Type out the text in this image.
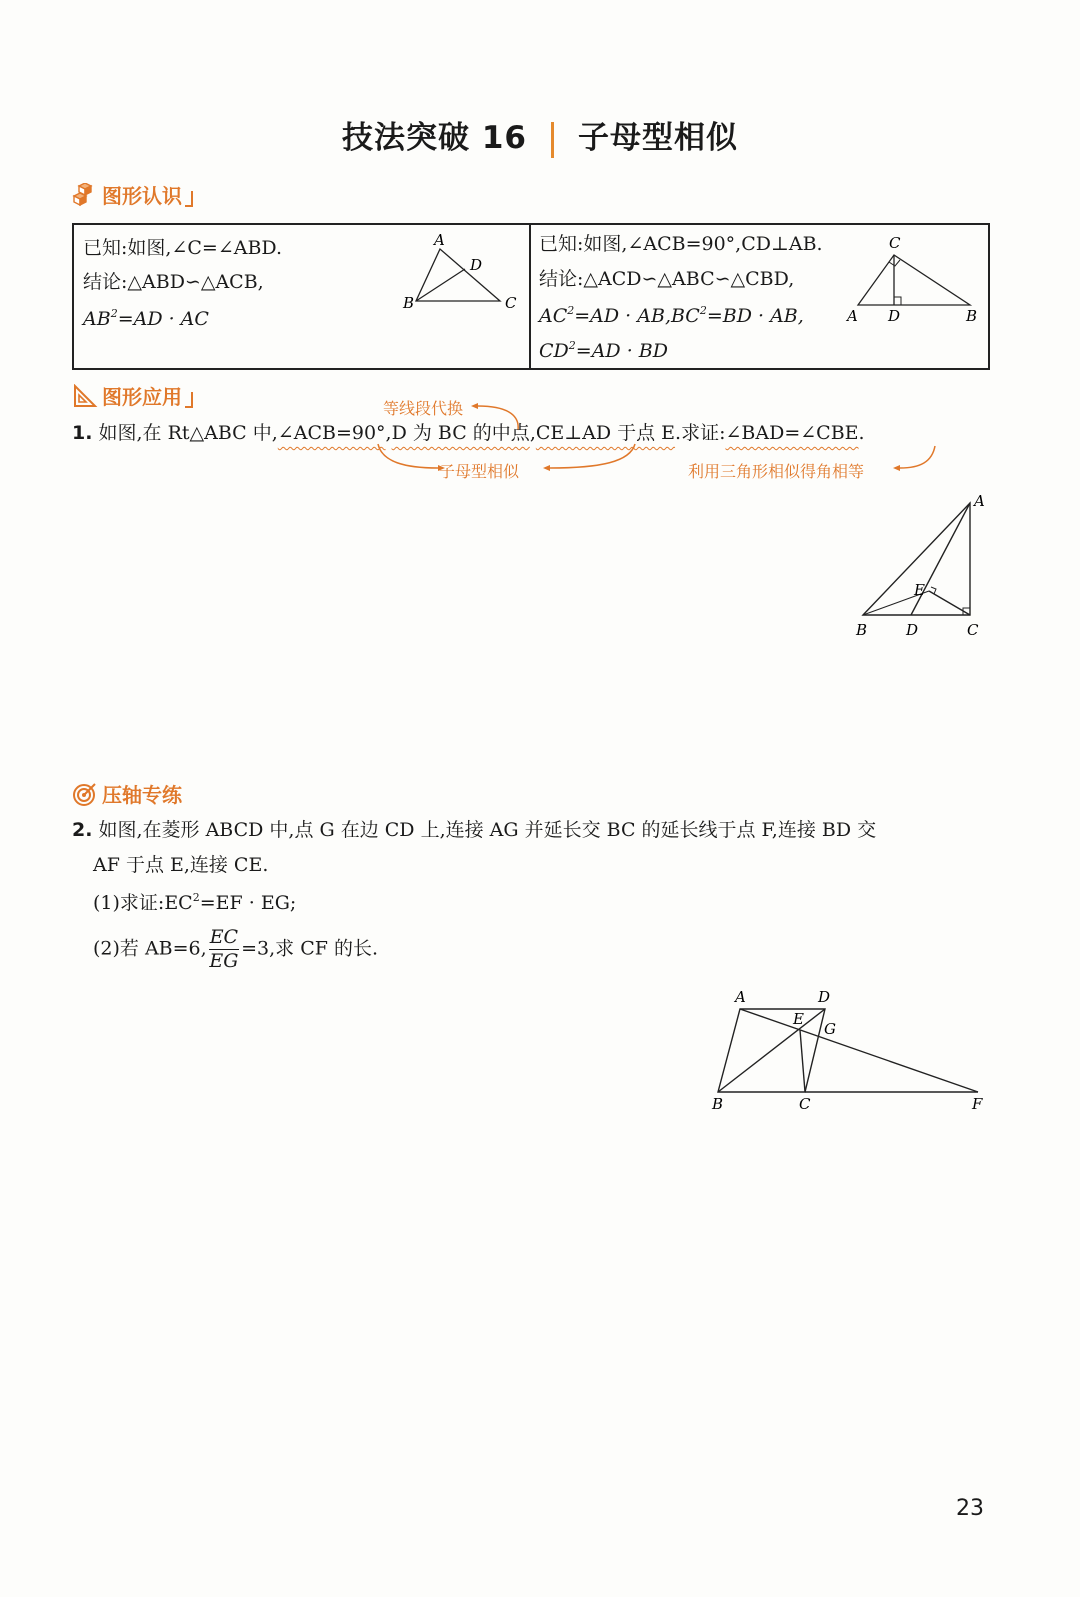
技法突破 16 子母型相似
图形认识
已知:如图,∠C=∠ABD.
结论:△ABD∽△ACB,
$AB^2=AD$ · AC
A
B	C
D
已知:如图,∠ACB=90°,CD⊥AB.
结论:△ACD∽△ABC∽△CBD,
$AC^2=AD \cdot AB,BC^2=BD$ · AB,
$CD^2=AD$ · BD
C
A D	B
图形应用	等线段代换
子母型相似	利用三角形相似得角相等
1. 如图,在 Rt△ABC 中,∠ACB=90°,D 为 BC 的中点,CE⊥AD 于点 E.求证:∠BAD=∠CBE.
A
B	D	C
E
压轴专练
2. 如图,在菱形 ABCD 中,点 G 在边 CD 上,连接 AG 并延长交 BC 的延长线于点 F,连接 BD 交
AF 于点 E,连接 CE.
(1)求证$:EC^2=EF$ · EG;
(2)若 AB=6, $\frac{EC}{EG} =3$,求 CF 的长.
A	D
E
G
B	C	F
23
